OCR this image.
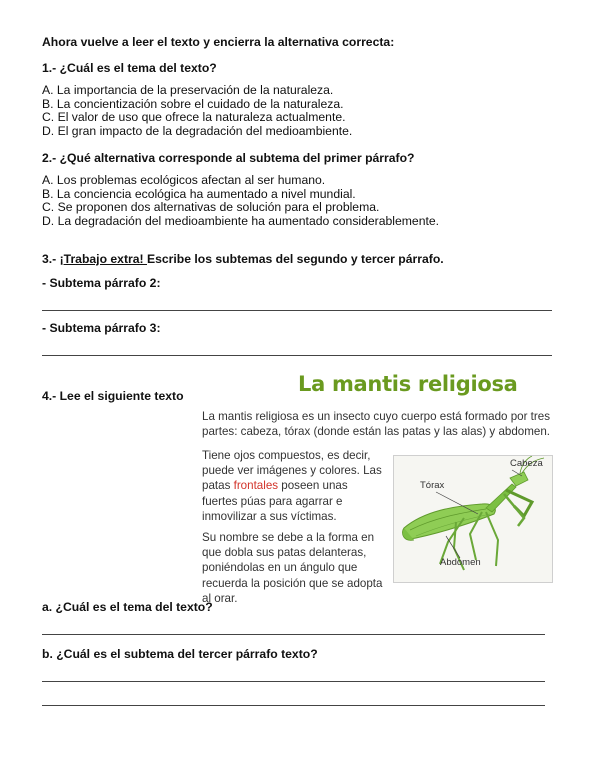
Ahora vuelve a leer el texto y encierra la alternativa correcta:
1.- ¿Cuál es el tema del texto?
A. La importancia de la preservación de la naturaleza.
B. La concientización sobre el cuidado de la naturaleza.
C. El valor de uso que ofrece la naturaleza actualmente.
D. El gran impacto de la degradación del medioambiente.
2.- ¿Qué alternativa corresponde al subtema del primer párrafo?
A. Los problemas ecológicos afectan al ser humano.
B. La conciencia ecológica ha aumentado a nivel mundial.
C. Se proponen dos alternativas de solución para el problema.
D. La degradación del medioambiente ha aumentado considerablemente.
3.- ¡Trabajo extra! Escribe los subtemas del segundo y tercer párrafo.
- Subtema párrafo 2:
- Subtema párrafo 3:
4.- Lee el siguiente texto	La mantis religiosa

La mantis religiosa es un insecto cuyo cuerpo está formado por tres partes: cabeza, tórax (donde están las patas y las alas) y abdomen.

Tiene ojos compuestos, es decir, puede ver imágenes y colores. Las patas frontales poseen unas fuertes púas para agarrar e inmovilizar a sus víctimas.

Su nombre se debe a la forma en que dobla sus patas delanteras, poniéndolas en un ángulo que recuerda la posición que se adopta al orar.

Cabeza
Tórax
Abdomen
a. ¿Cuál es el tema del texto?
b. ¿Cuál es el subtema del tercer párrafo texto?
